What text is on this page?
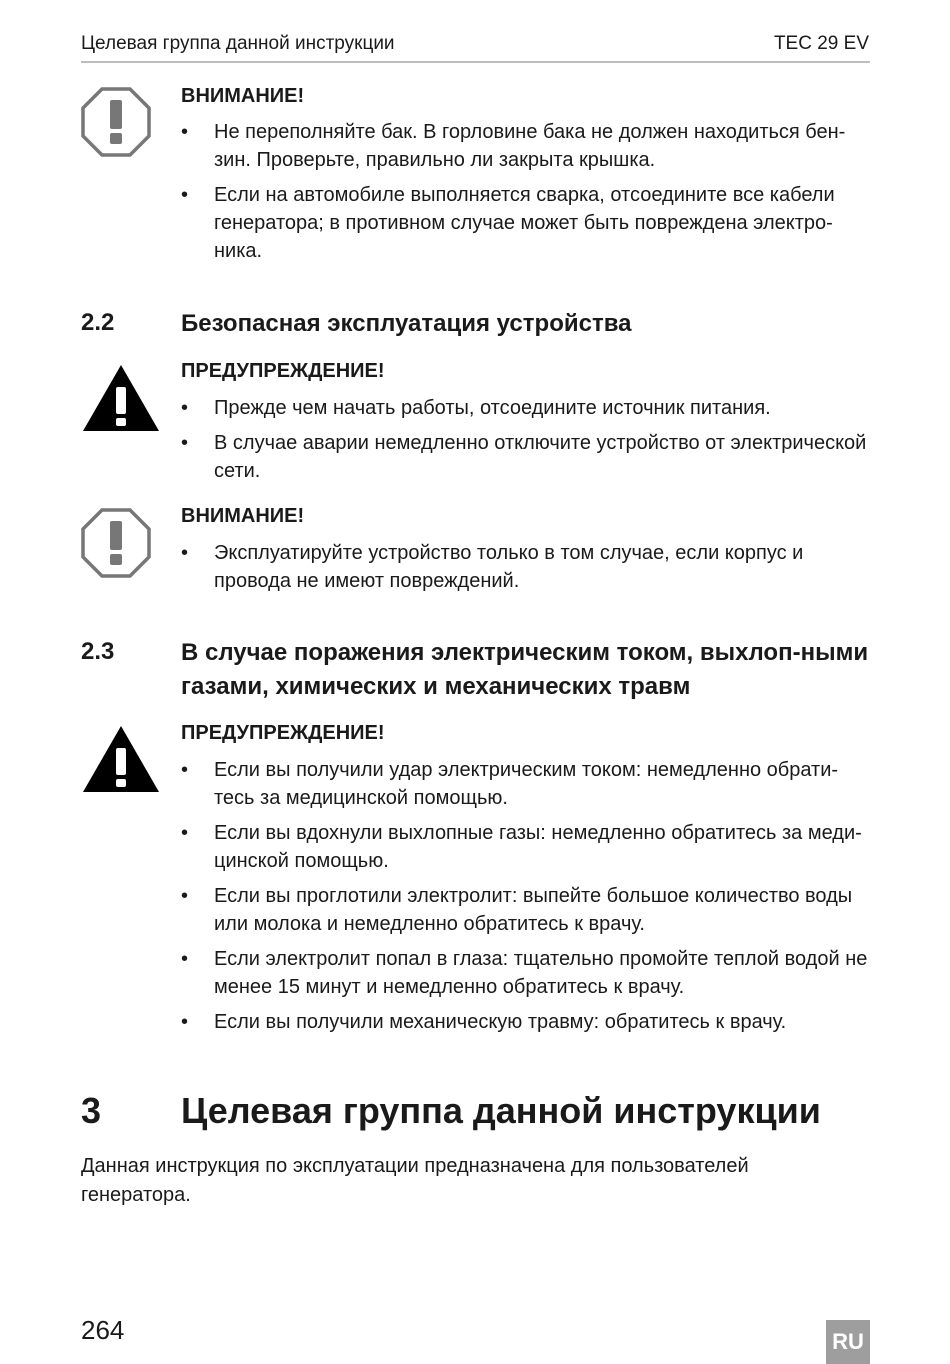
Целевая группа данной инструкции	TEC 29 EV
ВНИМАНИЕ!
• Не переполняйте бак. В горловине бака не должен находиться бен-зин. Проверьте, правильно ли закрыта крышка.
• Если на автомобиле выполняется сварка, отсоедините все кабели генератора; в противном случае может быть повреждена электро-ника.
2.2	Безопасная эксплуатация устройства
ПРЕДУПРЕЖДЕНИЕ!
• Прежде чем начать работы, отсоедините источник питания.
• В случае аварии немедленно отключите устройство от электрической сети.
ВНИМАНИЕ!
• Эксплуатируйте устройство только в том случае, если корпус и провода не имеют повреждений.
2.3	В случае поражения электрическим током, выхлоп-ными газами, химических и механических травм
ПРЕДУПРЕЖДЕНИЕ!
• Если вы получили удар электрическим током: немедленно обрати-тесь за медицинской помощью.
• Если вы вдохнули выхлопные газы: немедленно обратитесь за меди-цинской помощью.
• Если вы проглотили электролит: выпейте большое количество воды или молока и немедленно обратитесь к врачу.
• Если электролит попал в глаза: тщательно промойте теплой водой не менее 15 минут и немедленно обратитесь к врачу.
• Если вы получили механическую травму: обратитесь к врачу.
3 Целевая группа данной инструкции
Данная инструкция по эксплуатации предназначена для пользователей генератора.
264	RU
